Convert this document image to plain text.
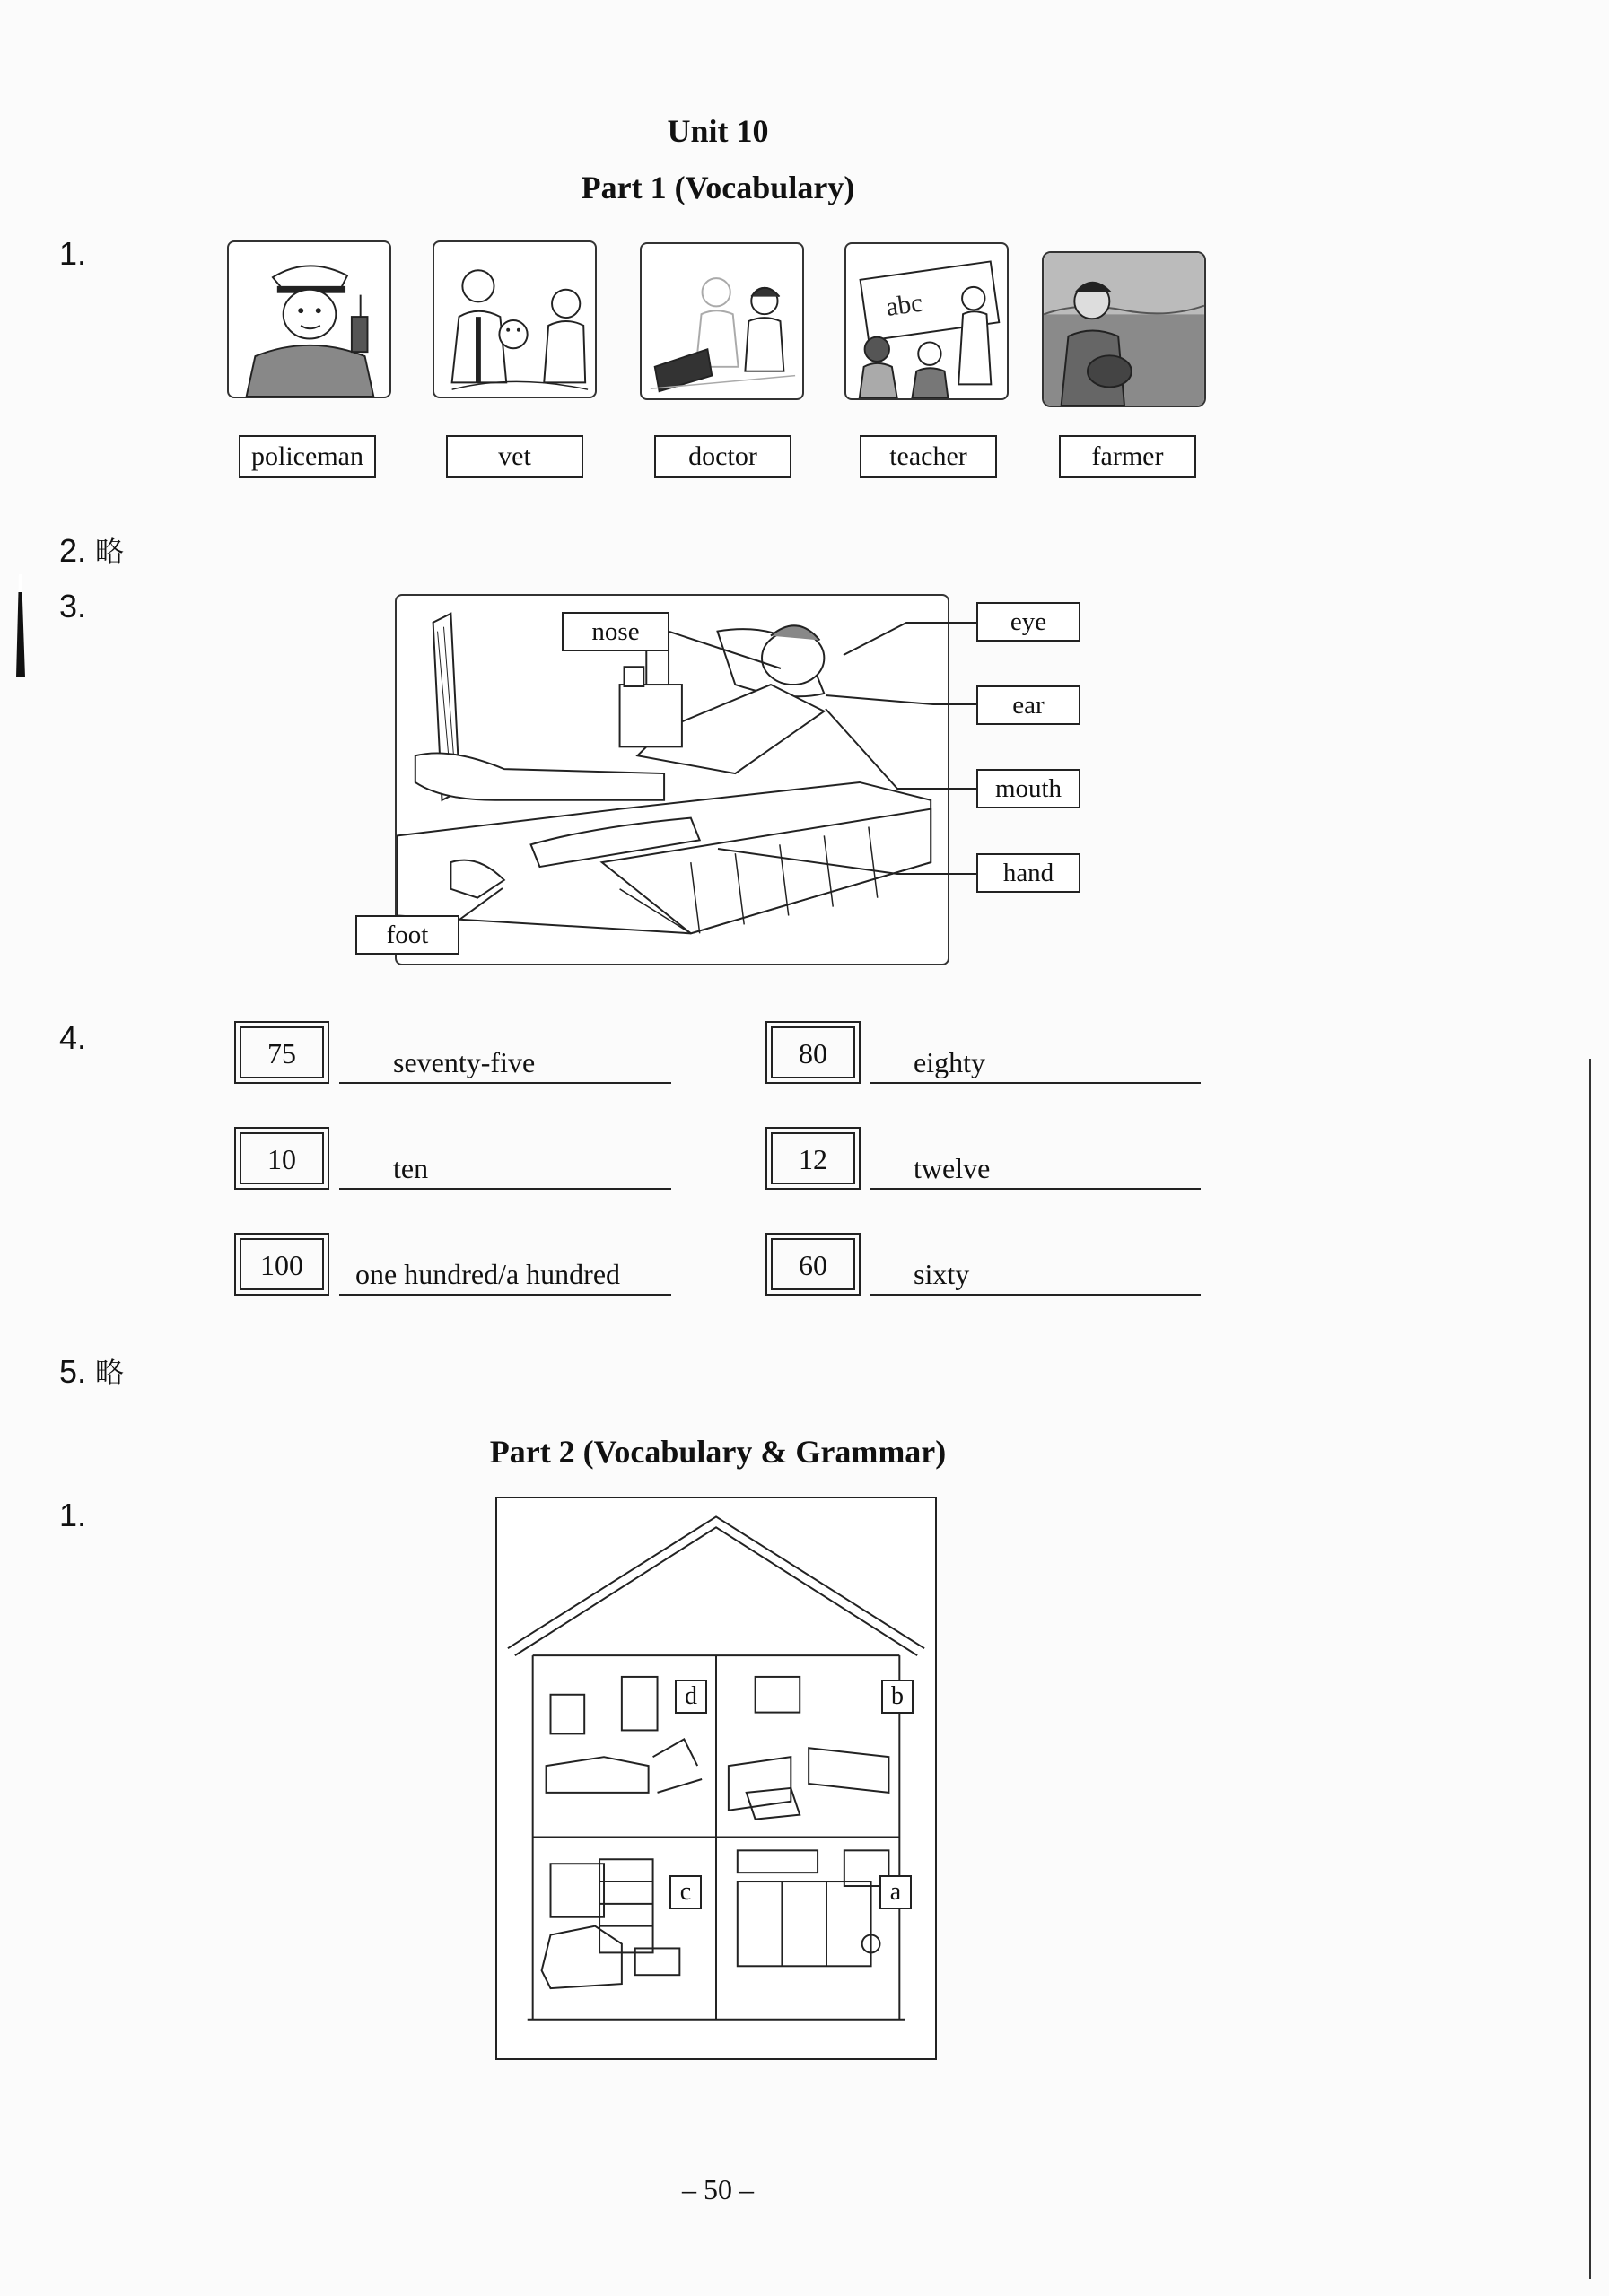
Unit 10
Part 1 (Vocabulary)
1.
abc
policeman	vet	doctor	teacher	farmer
2. 略
3.
nose	eye
ear
mouth
hand
foot
4.	75	seventy-five	80	eighty
10	ten	12	twelve
100	one hundred/a hundred	60	sixty
5. 略
Part 2 (Vocabulary & Grammar)
1.
d	b
c	a
– 50 –
